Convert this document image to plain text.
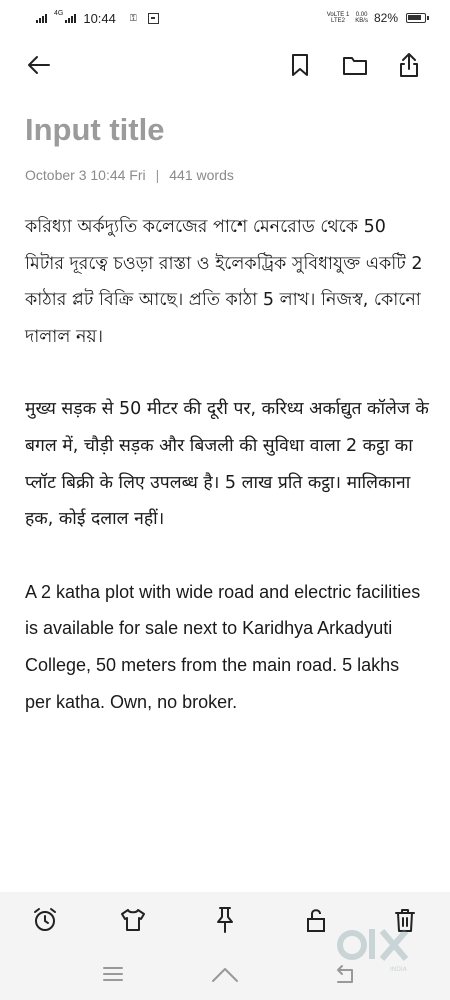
4G 10:44 ⚿	VoLTE 1
LTE2
0.00
KB/s 82%
Input title
October 3 10:44 Fri | 441 words
করিধ্যা অর্কদ্যুতি কলেজের পাশে মেনরোড থেকে 50 মিটার দূরত্বে চওড়া রাস্তা ও ইলেকট্রিক সুবিধাযুক্ত একটি 2 কাঠার প্লট বিক্রি আছে। প্রতি কাঠা 5 লাখ। নিজস্ব, কোনো দালাল নয়।
मुख्य सड़क से 50 मीटर की दूरी पर, करिध्य अर्काद्युत कॉलेज के बगल में, चौड़ी सड़क और बिजली की सुविधा वाला 2 कट्ठा का प्लॉट बिक्री के लिए उपलब्ध है। 5 लाख प्रति कट्ठा। मालिकाना हक, कोई दलाल नहीं।
A 2 katha plot with wide road and electric facilities is available for sale next to Karidhya Arkadyuti College, 50 meters from the main road. 5 lakhs per katha. Own, no broker.
INDIA
